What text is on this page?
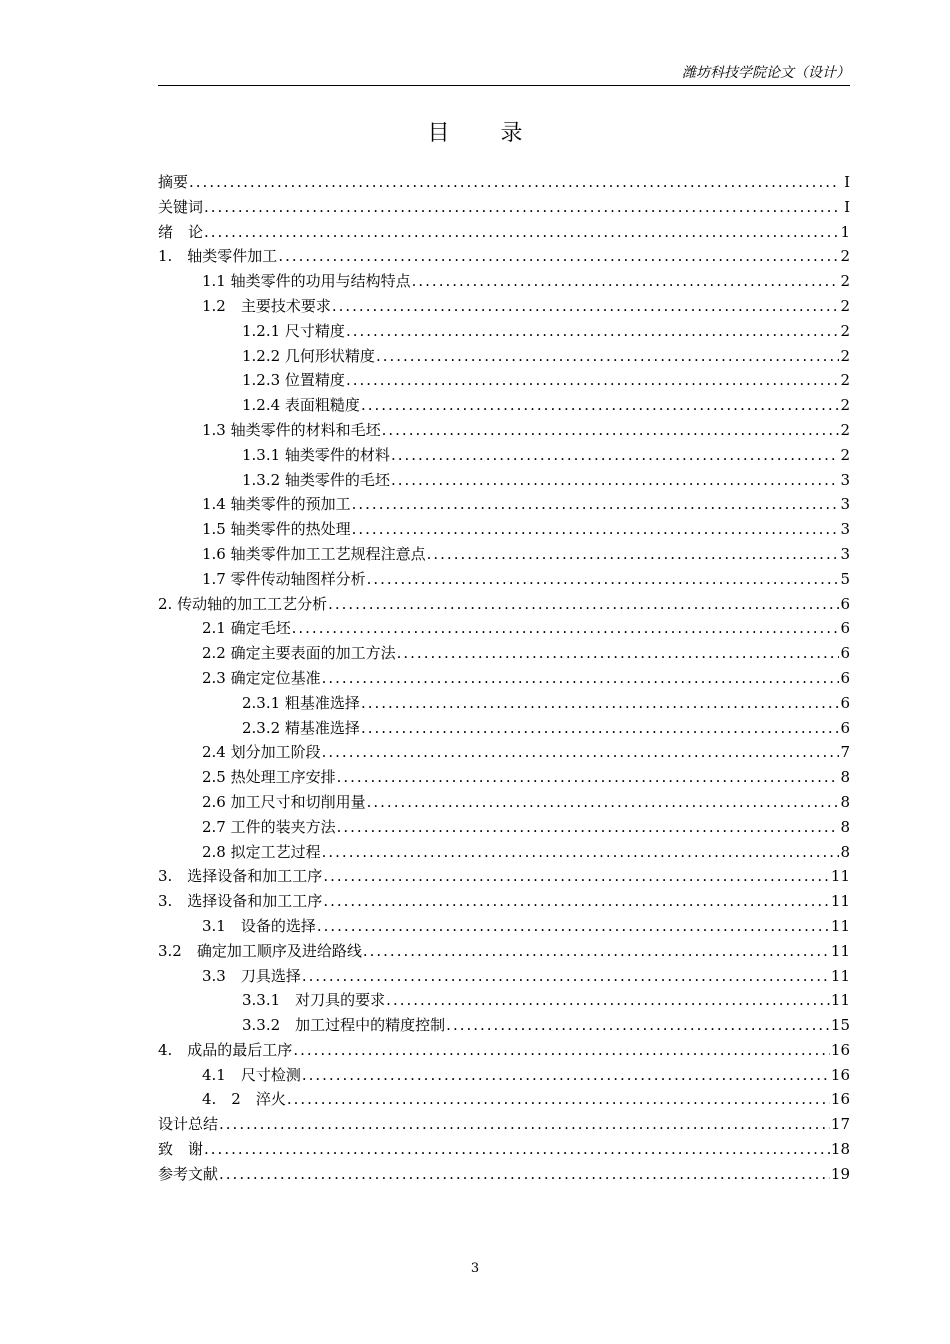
潍坊科技学院论文（设计）
目 录
摘要 .....	I
关键词 .....	I
绪　论 .....	1
1.　轴类零件加工 .....	2
1.1 轴类零件的功用与结构特点 .....	2
1.2　主要技术要求 .....	2
1.2.1 尺寸精度 .....	2
1.2.2 几何形状精度 .....	2
1.2.3 位置精度 .....	2
1.2.4 表面粗糙度 .....	2
1.3 轴类零件的材料和毛坯 .....	2
1.3.1 轴类零件的材料 .....	2
1.3.2 轴类零件的毛坯 .....	3
1.4 轴类零件的预加工 .....	3
1.5 轴类零件的热处理 .....	3
1.6 轴类零件加工工艺规程注意点 .....	3
1.7 零件传动轴图样分析 .....	5
2. 传动轴的加工工艺分析 .....	6
2.1 确定毛坯 .....	6
2.2 确定主要表面的加工方法 .....	6
2.3 确定定位基准 .....	6
2.3.1 粗基准选择 .....	6
2.3.2 精基准选择 .....	6
2.4 划分加工阶段 .....	7
2.5 热处理工序安排 .....	8
2.6 加工尺寸和切削用量 .....	8
2.7 工件的装夹方法 .....	8
2.8 拟定工艺过程 .....	8
3.　选择设备和加工工序 .....	11
3.　选择设备和加工工序 .....	11
3.1　设备的选择 .....	11
3.2　确定加工顺序及进给路线 .....	11
3.3　刀具选择 .....	11
3.3.1　对刀具的要求 .....	11
3.3.2　加工过程中的精度控制 .....	15
4.　成品的最后工序 .....	16
4.1　尺寸检测 .....	16
4.　2　淬火 .....	16
设计总结 .....	17
致　谢 .....	18
参考文献 .....	19
3
